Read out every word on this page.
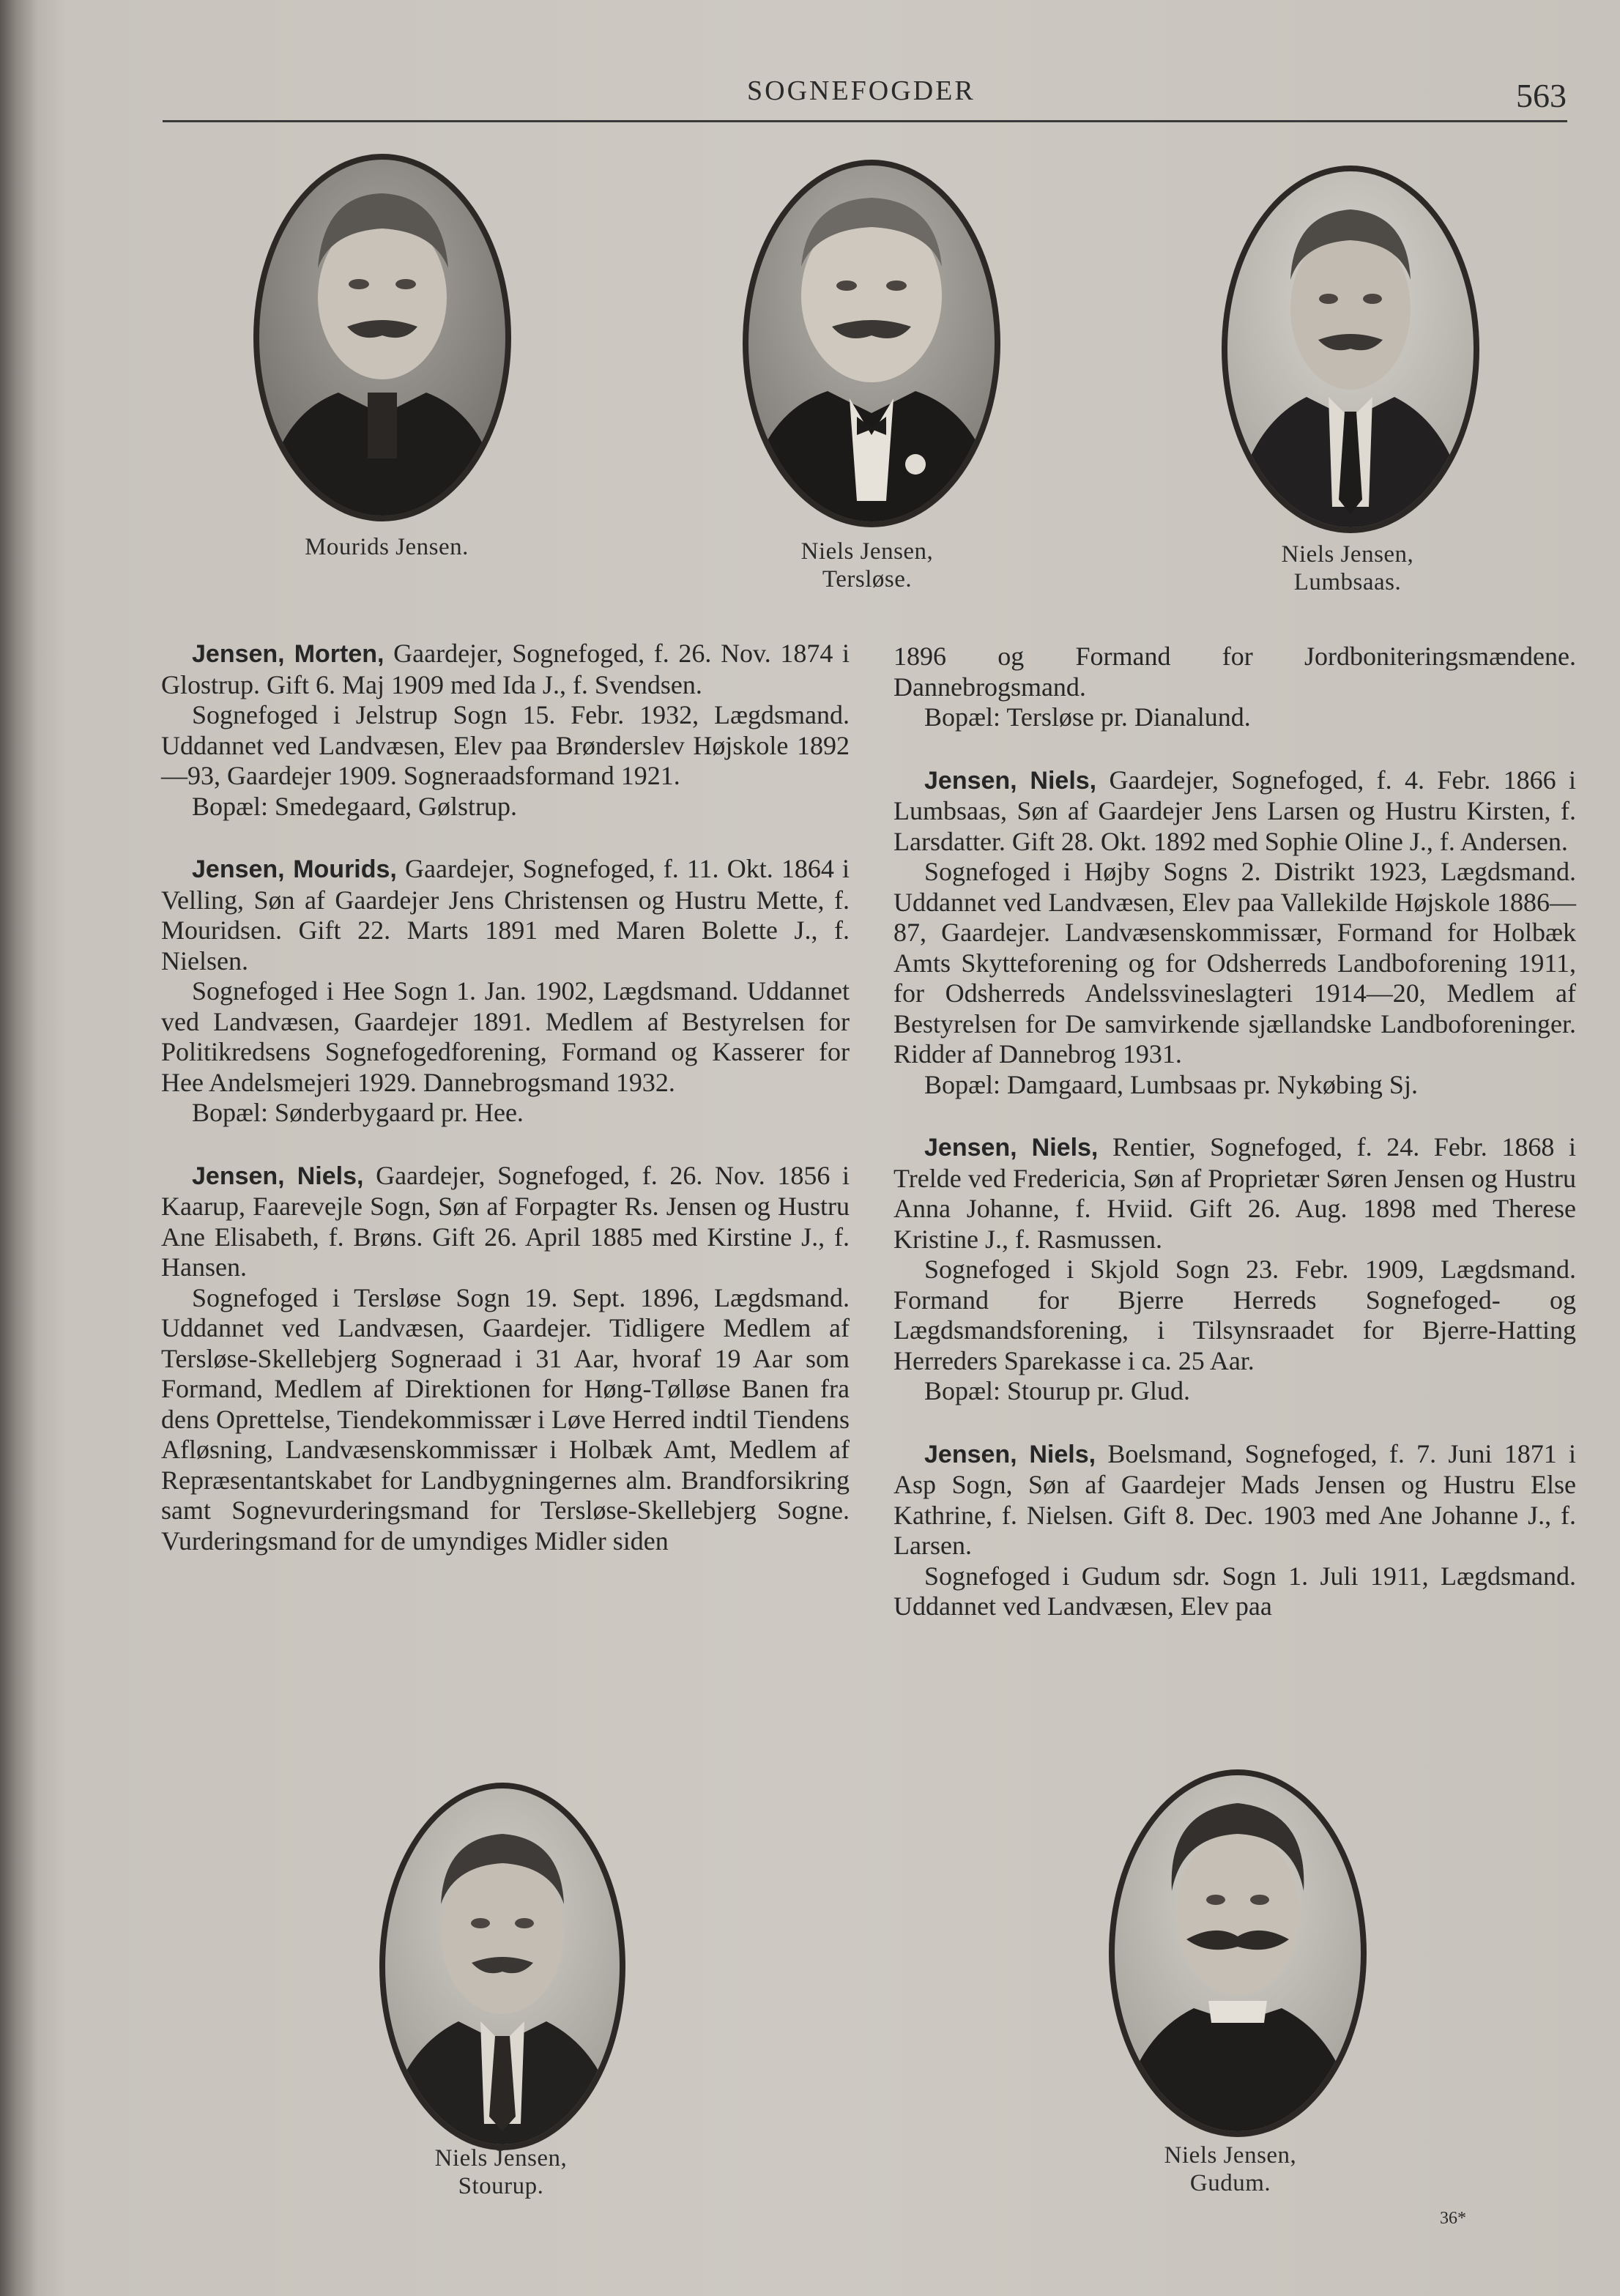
SOGNEFOGDER	563
Mourids Jensen.	Niels Jensen,
Tersløse.
Niels Jensen,
Lumbsaas.

Jensen, Morten, Gaardejer, Sognefoged, f. 26. Nov. 1874 i Glostrup. Gift 6. Maj 1909 med Ida J., f. Svendsen.

Sognefoged i Jelstrup Sogn 15. Febr. 1932, Lægdsmand. Uddannet ved Landvæsen, Elev paa Brønderslev Højskole 1892—93, Gaardejer 1909. Sogneraadsformand 1921.

Bopæl: Smedegaard, Gølstrup.

Jensen, Mourids, Gaardejer, Sognefoged, f. 11. Okt. 1864 i Velling, Søn af Gaardejer Jens Christensen og Hustru Mette, f. Mouridsen. Gift 22. Marts 1891 med Maren Bolette J., f. Nielsen.

Sognefoged i Hee Sogn 1. Jan. 1902, Lægdsmand. Uddannet ved Landvæsen, Gaardejer 1891. Medlem af Bestyrelsen for Politikredsens Sognefogedforening, Formand og Kasserer for Hee Andelsmejeri 1929. Dannebrogsmand 1932.

Bopæl: Sønderbygaard pr. Hee.

Jensen, Niels, Gaardejer, Sognefoged, f. 26. Nov. 1856 i Kaarup, Faarevejle Sogn, Søn af Forpagter Rs. Jensen og Hustru Ane Elisabeth, f. Brøns. Gift 26. April 1885 med Kirstine J., f. Hansen.

Sognefoged i Tersløse Sogn 19. Sept. 1896, Lægdsmand. Uddannet ved Landvæsen, Gaardejer. Tidligere Medlem af Tersløse-Skellebjerg Sogneraad i 31 Aar, hvoraf 19 Aar som Formand, Medlem af Direktionen for Høng-Tølløse Banen fra dens Oprettelse, Tiendekommissær i Løve Herred indtil Tiendens Afløsning, Landvæsenskommissær i Holbæk Amt, Medlem af Repræsentantskabet for Landbygningernes alm. Brandforsikring samt Sognevurderingsmand for Tersløse-Skellebjerg Sogne. Vurderingsmand for de umyndiges Midler siden

1896 og Formand for Jordboniteringsmændene. Dannebrogsmand.

Bopæl: Tersløse pr. Dianalund.

Jensen, Niels, Gaardejer, Sognefoged, f. 4. Febr. 1866 i Lumbsaas, Søn af Gaardejer Jens Larsen og Hustru Kirsten, f. Larsdatter. Gift 28. Okt. 1892 med Sophie Oline J., f. Andersen.

Sognefoged i Højby Sogns 2. Distrikt 1923, Lægdsmand. Uddannet ved Landvæsen, Elev paa Vallekilde Højskole 1886—87, Gaardejer. Landvæsenskommissær, Formand for Holbæk Amts Skytteforening og for Odsherreds Landboforening 1911, for Odsherreds Andelssvineslagteri 1914—20, Medlem af Bestyrelsen for De samvirkende sjællandske Landboforeninger. Ridder af Dannebrog 1931.

Bopæl: Damgaard, Lumbsaas pr. Nykøbing Sj.

Jensen, Niels, Rentier, Sognefoged, f. 24. Febr. 1868 i Trelde ved Fredericia, Søn af Proprietær Søren Jensen og Hustru Anna Johanne, f. Hviid. Gift 26. Aug. 1898 med Therese Kristine J., f. Rasmussen.

Sognefoged i Skjold Sogn 23. Febr. 1909, Lægdsmand. Formand for Bjerre Herreds Sognefoged- og Lægdsmandsforening, i Tilsynsraadet for Bjerre-Hatting Herreders Sparekasse i ca. 25 Aar.

Bopæl: Stourup pr. Glud.

Jensen, Niels, Boelsmand, Sognefoged, f. 7. Juni 1871 i Asp Sogn, Søn af Gaardejer Mads Jensen og Hustru Else Kathrine, f. Nielsen. Gift 8. Dec. 1903 med Ane Johanne J., f. Larsen.

Sognefoged i Gudum sdr. Sogn 1. Juli 1911, Lægdsmand. Uddannet ved Landvæsen, Elev paa

Niels Jensen,
Stourup.
Niels Jensen,
Gudum.
36*
